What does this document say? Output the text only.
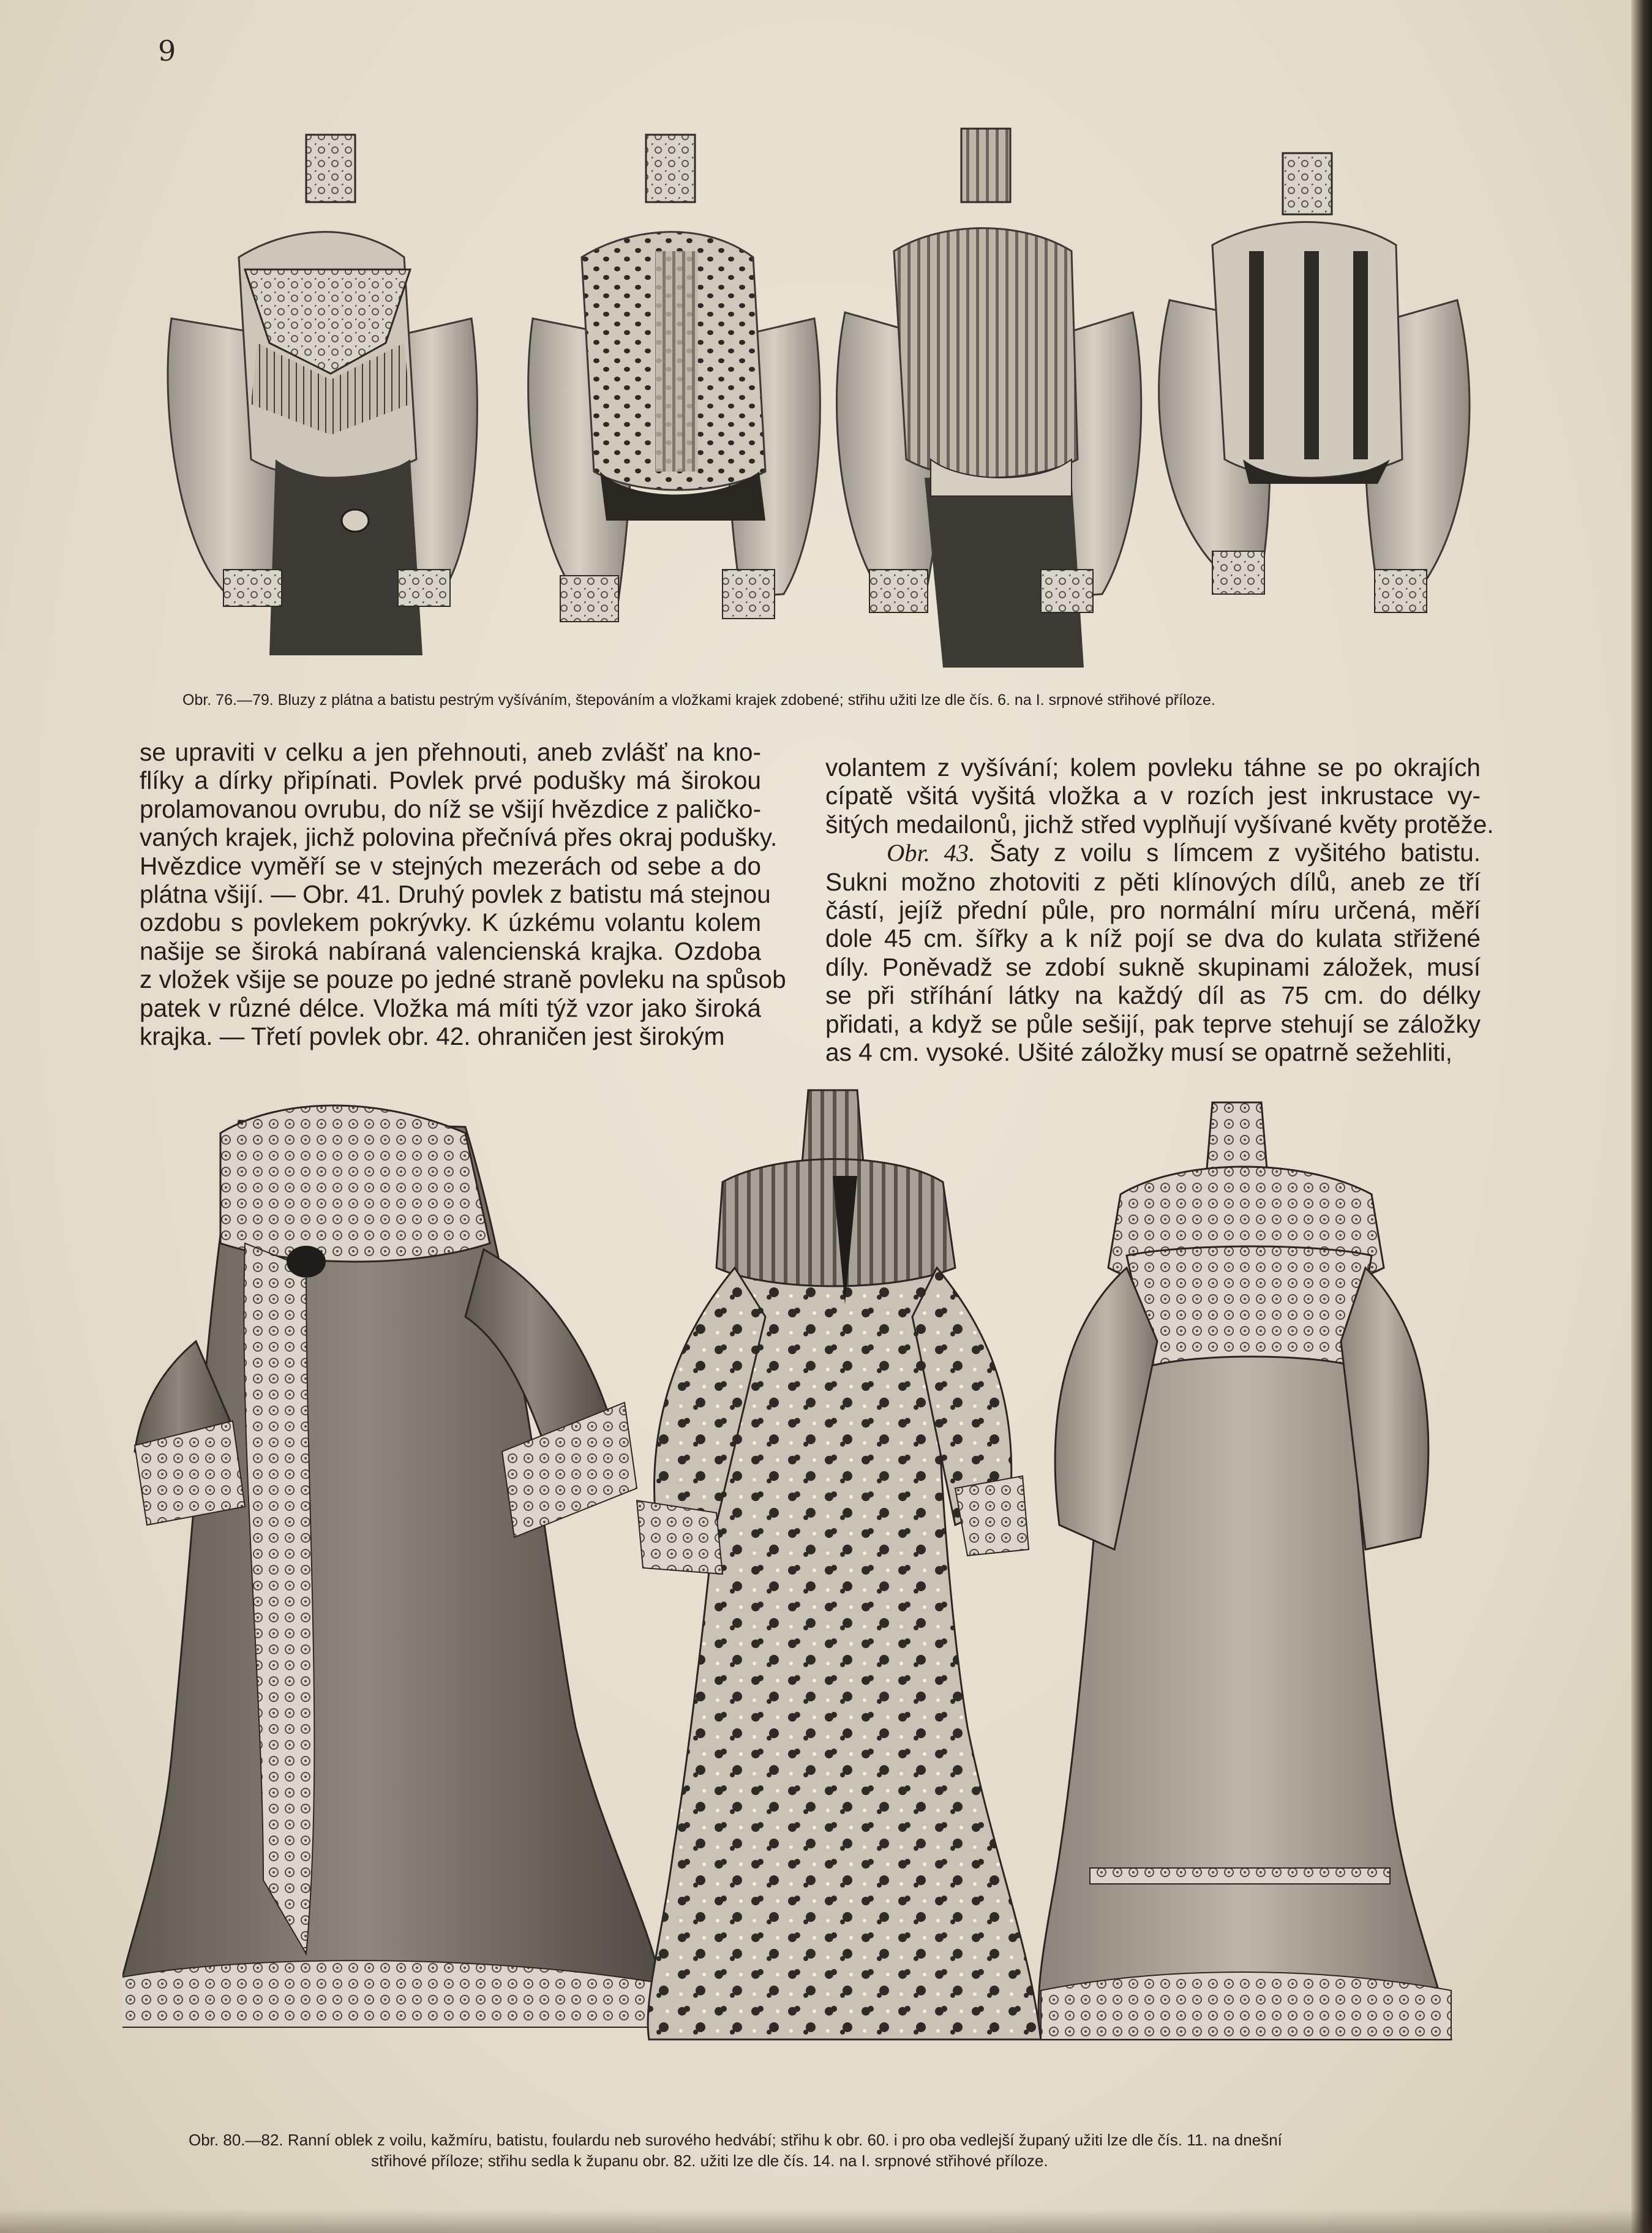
9
Obr. 76.—79. Bluzy z plátna a batistu pestrým vyšíváním, štepováním a vložkami krajek zdobené; střihu užiti lze dle čís. 6. na I. srpnové střihové příloze.

se upraviti v celku a jen přehnouti, aneb zvlášť na kno-

flíky a dírky připínati. Povlek prvé podušky má širokou

prolamovanou ovrubu, do níž se všijí hvězdice z paličko-

vaných krajek, jichž polovina přečnívá přes okraj podušky.

Hvězdice vyměří se v stejných mezerách od sebe a do

plátna všijí. — Obr. 41. Druhý povlek z batistu má stejnou

ozdobu s povlekem pokrývky. K úzkému volantu kolem

našije se široká nabíraná valencienská krajka. Ozdoba

z vložek všije se pouze po jedné straně povleku na spůsob

patek v různé délce. Vložka má míti týž vzor jako široká

krajka. — Třetí povlek obr. 42. ohraničen jest širokým

volantem z vyšívání; kolem povleku táhne se po okrajích

cípatě všitá vyšitá vložka a v rozích jest inkrustace vy-

šitých medailonů, jichž střed vyplňují vyšívané květy protěže.

Obr. 43. Šaty z voilu s límcem z vyšitého batistu.

Sukni možno zhotoviti z pěti klínových dílů, aneb ze tří

částí, jejíž přední půle, pro normální míru určená, měří

dole 45 cm. šířky a k níž pojí se dva do kulata střižené

díly. Poněvadž se zdobí sukně skupinami záložek, musí

se při stříhání látky na každý díl as 75 cm. do délky

přidati, a když se půle sešijí, pak teprve stehují se záložky

as 4 cm. vysoké. Ušité záložky musí se opatrně sežehliti,

Obr. 80.—82. Ranní oblek z voilu, kažmíru, batistu, foulardu neb surového hedvábí; střihu k obr. 60. i pro oba vedlejší županý užiti lze dle čís. 11. na dnešní
střihové příloze; střihu sedla k županu obr. 82. užiti lze dle čís. 14. na I. srpnové střihové příloze.
